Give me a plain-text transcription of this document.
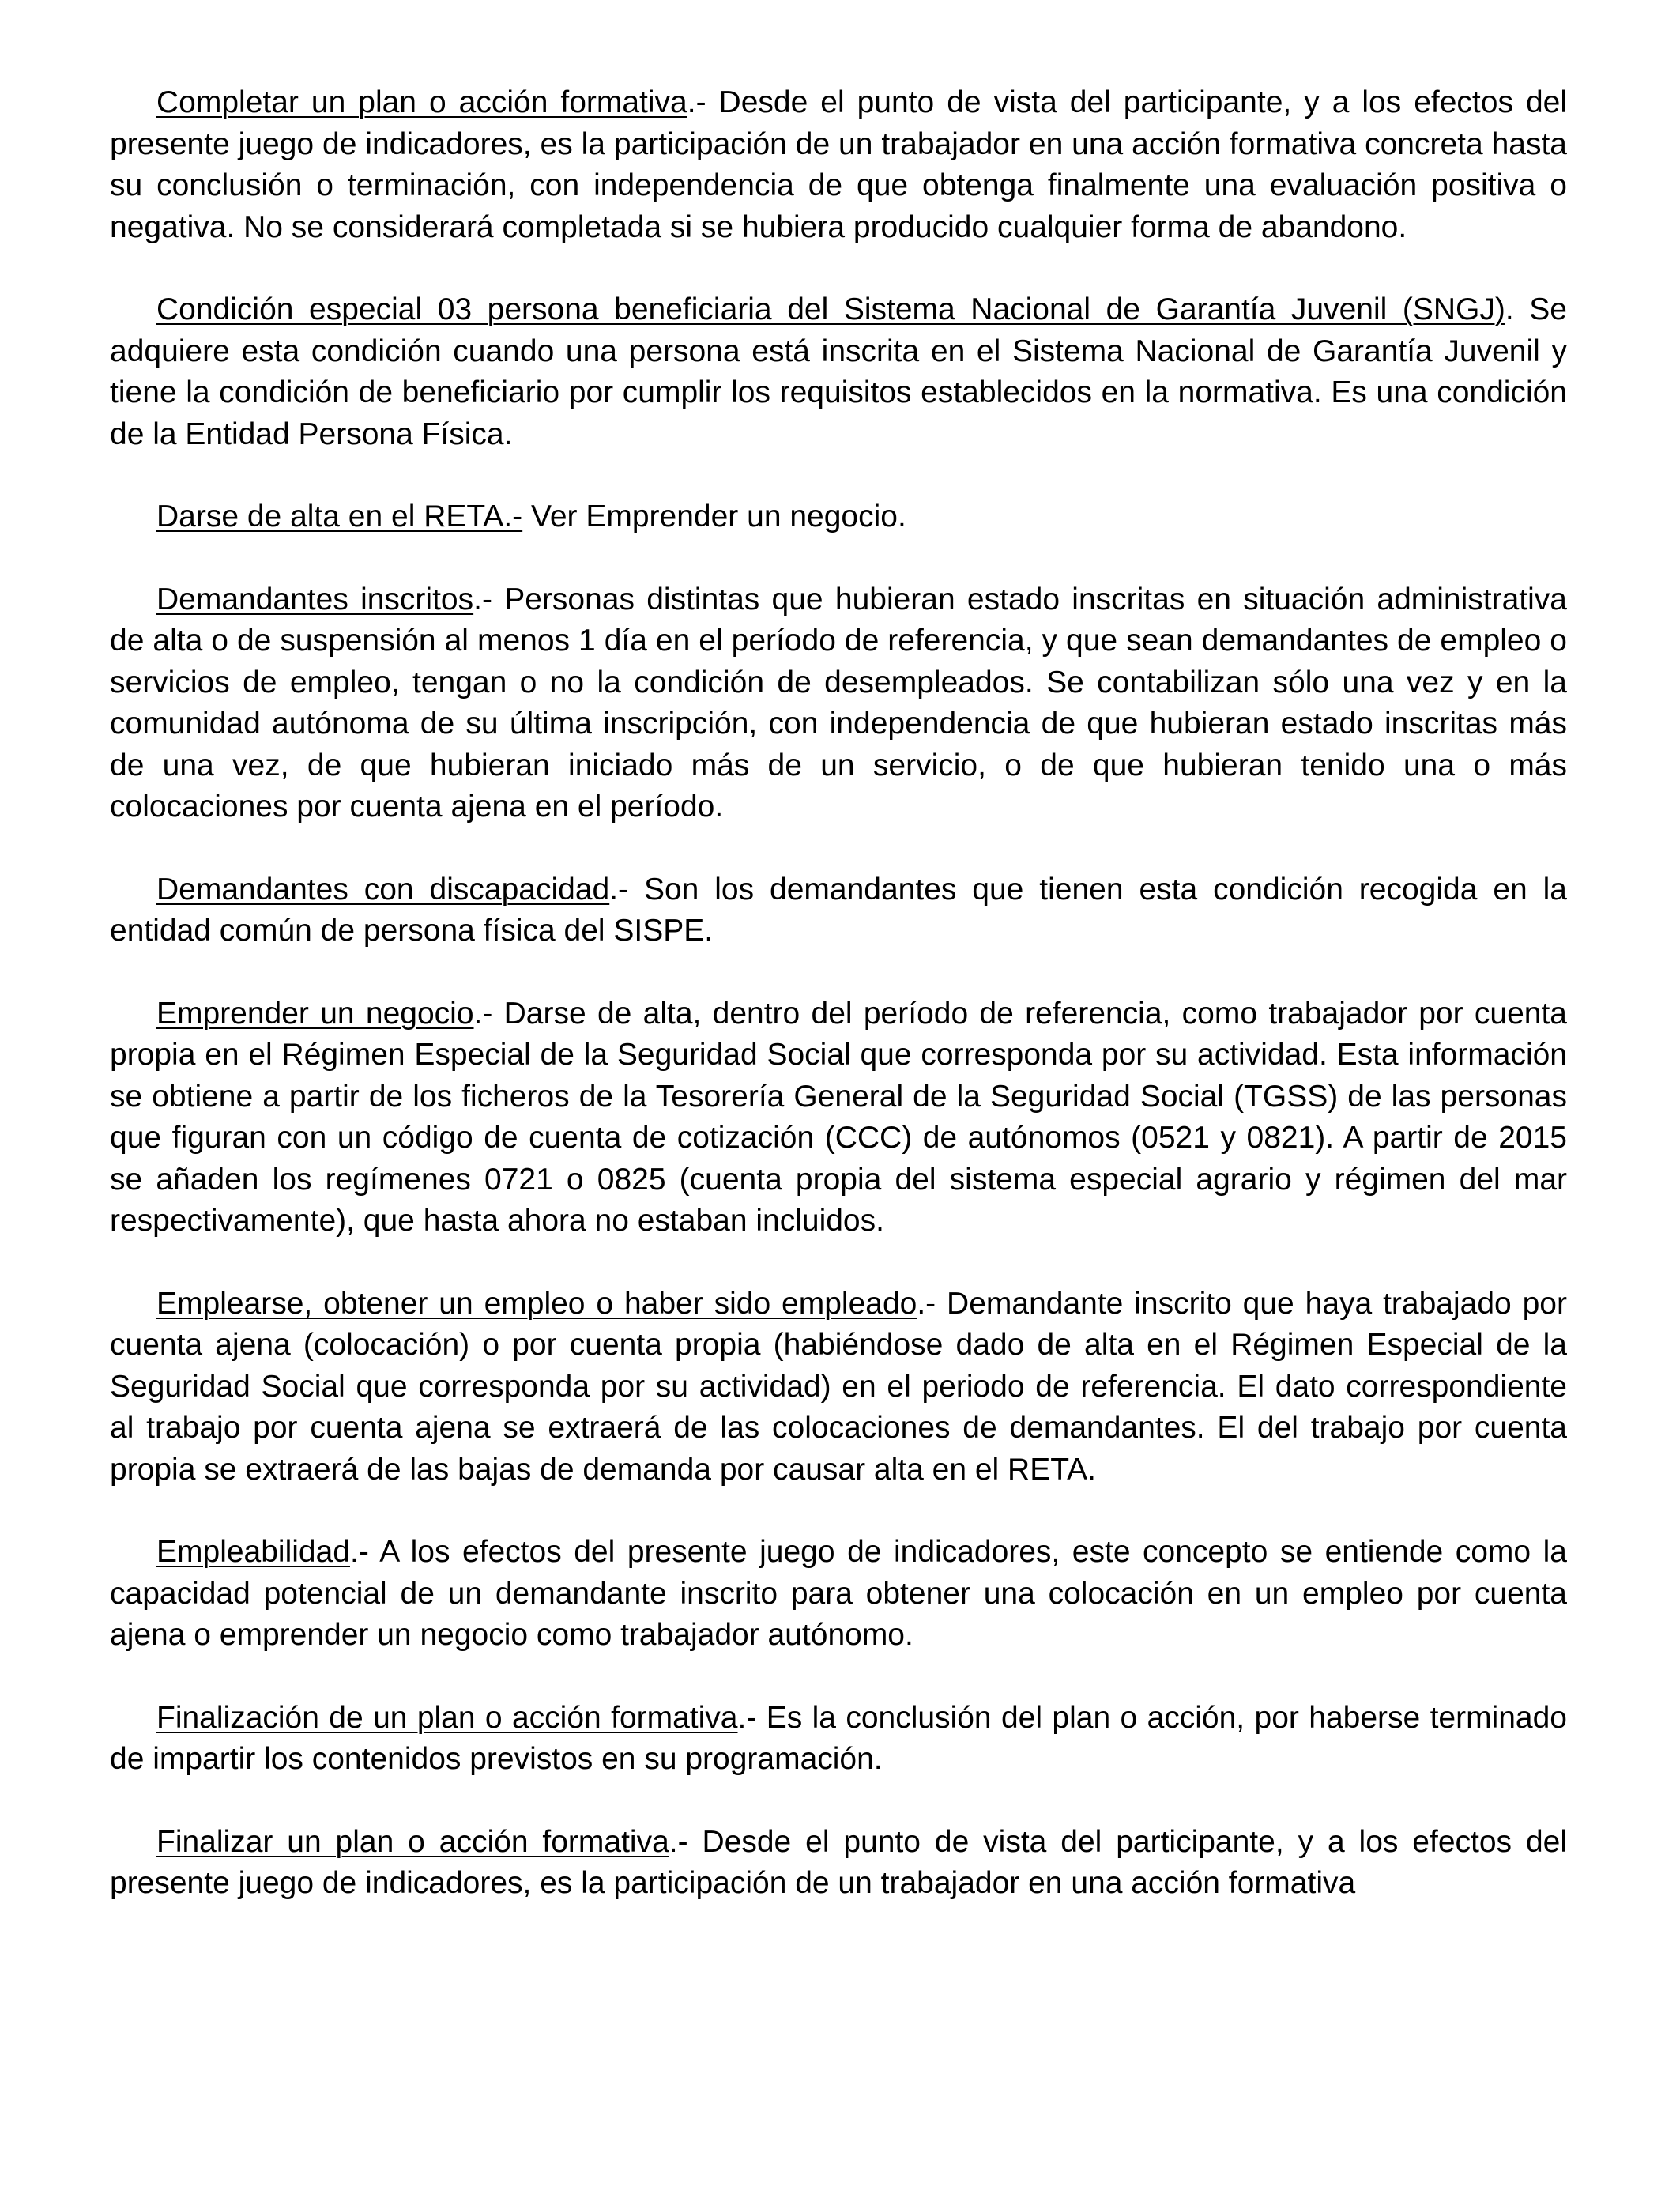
Completar un plan o acción formativa.- Desde el punto de vista del participante, y a los efectos del presente juego de indicadores, es la participación de un trabajador en una acción formativa concreta hasta su conclusión o terminación, con independencia de que obtenga finalmente una evaluación positiva o negativa. No se considerará completada si se hubiera producido cualquier forma de abandono.

Condición especial 03 persona beneficiaria del Sistema Nacional de Garantía Juvenil (SNGJ). Se adquiere esta condición cuando una persona está inscrita en el Sistema Nacional de Garantía Juvenil y tiene la condición de beneficiario por cumplir los requisitos establecidos en la normativa. Es una condición de la Entidad Persona Física.

Darse de alta en el RETA.- Ver Emprender un negocio.

Demandantes inscritos.- Personas distintas que hubieran estado inscritas en situación administrativa de alta o de suspensión al menos 1 día en el período de referencia, y que sean demandantes de empleo o servicios de empleo, tengan o no la condición de desempleados. Se contabilizan sólo una vez y en la comunidad autónoma de su última inscripción, con independencia de que hubieran estado inscritas más de una vez, de que hubieran iniciado más de un servicio, o de que hubieran tenido una o más colocaciones por cuenta ajena en el período.

Demandantes con discapacidad.- Son los demandantes que tienen esta condición recogida en la entidad común de persona física del SISPE.

Emprender un negocio.- Darse de alta, dentro del período de referencia, como trabajador por cuenta propia en el Régimen Especial de la Seguridad Social que corresponda por su actividad. Esta información se obtiene a partir de los ficheros de la Tesorería General de la Seguridad Social (TGSS) de las personas que figuran con un código de cuenta de cotización (CCC) de autónomos (0521 y 0821). A partir de 2015 se añaden los regímenes 0721 o 0825 (cuenta propia del sistema especial agrario y régimen del mar respectivamente), que hasta ahora no estaban incluidos.

Emplearse, obtener un empleo o haber sido empleado.- Demandante inscrito que haya trabajado por cuenta ajena (colocación) o por cuenta propia (habiéndose dado de alta en el Régimen Especial de la Seguridad Social que corresponda por su actividad) en el periodo de referencia. El dato correspondiente al trabajo por cuenta ajena se extraerá de las colocaciones de demandantes. El del trabajo por cuenta propia se extraerá de las bajas de demanda por causar alta en el RETA.

Empleabilidad.- A los efectos del presente juego de indicadores, este concepto se entiende como la capacidad potencial de un demandante inscrito para obtener una colocación en un empleo por cuenta ajena o emprender un negocio como trabajador autónomo.

Finalización de un plan o acción formativa.- Es la conclusión del plan o acción, por haberse terminado de impartir los contenidos previstos en su programación.

Finalizar un plan o acción formativa.- Desde el punto de vista del participante, y a los efectos del presente juego de indicadores, es la participación de un trabajador en una acción formativa
